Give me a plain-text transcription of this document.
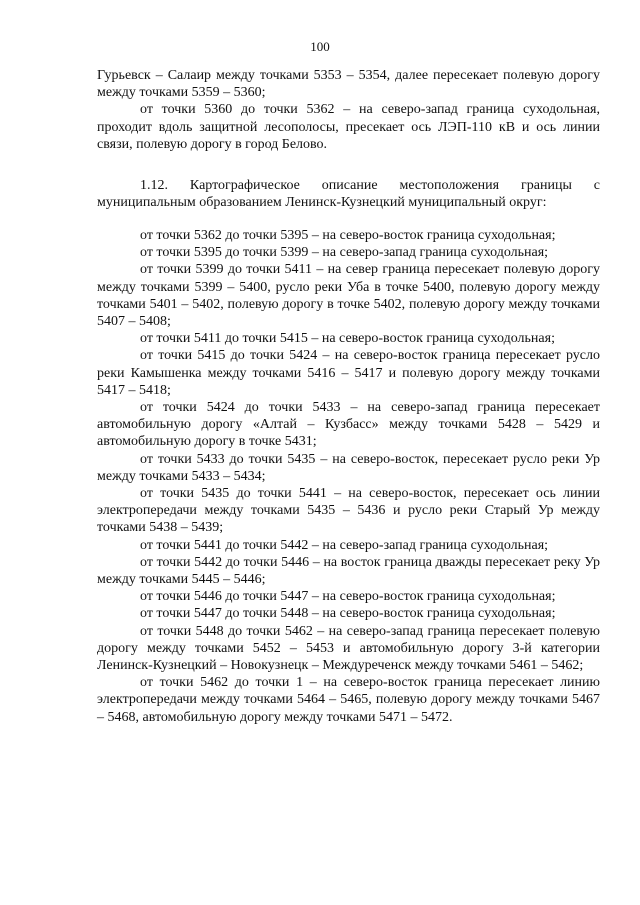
100

Гурьевск – Салаир между точками 5353 – 5354, далее пересекает полевую дорогу между точками 5359 – 5360;

от точки 5360 до точки 5362 – на северо-запад граница суходольная, проходит вдоль защитной лесополосы, пресекает ось ЛЭП-110 кВ и ось линии связи, полевую дорогу в город Белово.

1.12. Картографическое описание местоположения границы с муниципальным образованием Ленинск-Кузнецкий муниципальный округ:

от точки 5362 до точки 5395 – на северо-восток граница суходольная;

от точки 5395 до точки 5399 – на северо-запад граница суходольная;

от точки 5399 до точки 5411 – на север граница пересекает полевую дорогу между точками 5399 – 5400, русло реки Уба в точке 5400, полевую дорогу между точками 5401 – 5402, полевую дорогу в точке 5402, полевую дорогу между точками 5407 – 5408;

от точки 5411 до точки 5415 – на северо-восток граница суходольная;

от точки 5415 до точки 5424 – на северо-восток граница пересекает русло реки Камышенка между точками 5416 – 5417 и полевую дорогу между точками 5417 – 5418;

от точки 5424 до точки 5433 – на северо-запад граница пересекает автомобильную дорогу «Алтай – Кузбасс» между точками 5428 – 5429 и автомобильную дорогу в точке 5431;

от точки 5433 до точки 5435 – на северо-восток, пересекает русло реки Ур между точками 5433 – 5434;

от точки 5435 до точки 5441 – на северо-восток, пересекает ось линии электропередачи между точками 5435 – 5436 и русло реки Старый Ур между точками 5438 – 5439;

от точки 5441 до точки 5442 – на северо-запад граница суходольная;

от точки 5442 до точки 5446 – на восток граница дважды пересекает реку Ур между точками 5445 – 5446;

от точки 5446 до точки 5447 – на северо-восток граница суходольная;

от точки 5447 до точки 5448 – на северо-восток граница суходольная;

от точки 5448 до точки 5462 – на северо-запад граница пересекает полевую дорогу между точками 5452 – 5453 и автомобильную дорогу 3-й категории Ленинск-Кузнецкий – Новокузнецк – Междуреченск между точками 5461 – 5462;

от точки 5462 до точки 1 – на северо-восток граница пересекает линию электропередачи между точками 5464 – 5465, полевую дорогу между точками 5467 – 5468, автомобильную дорогу между точками 5471 – 5472.
